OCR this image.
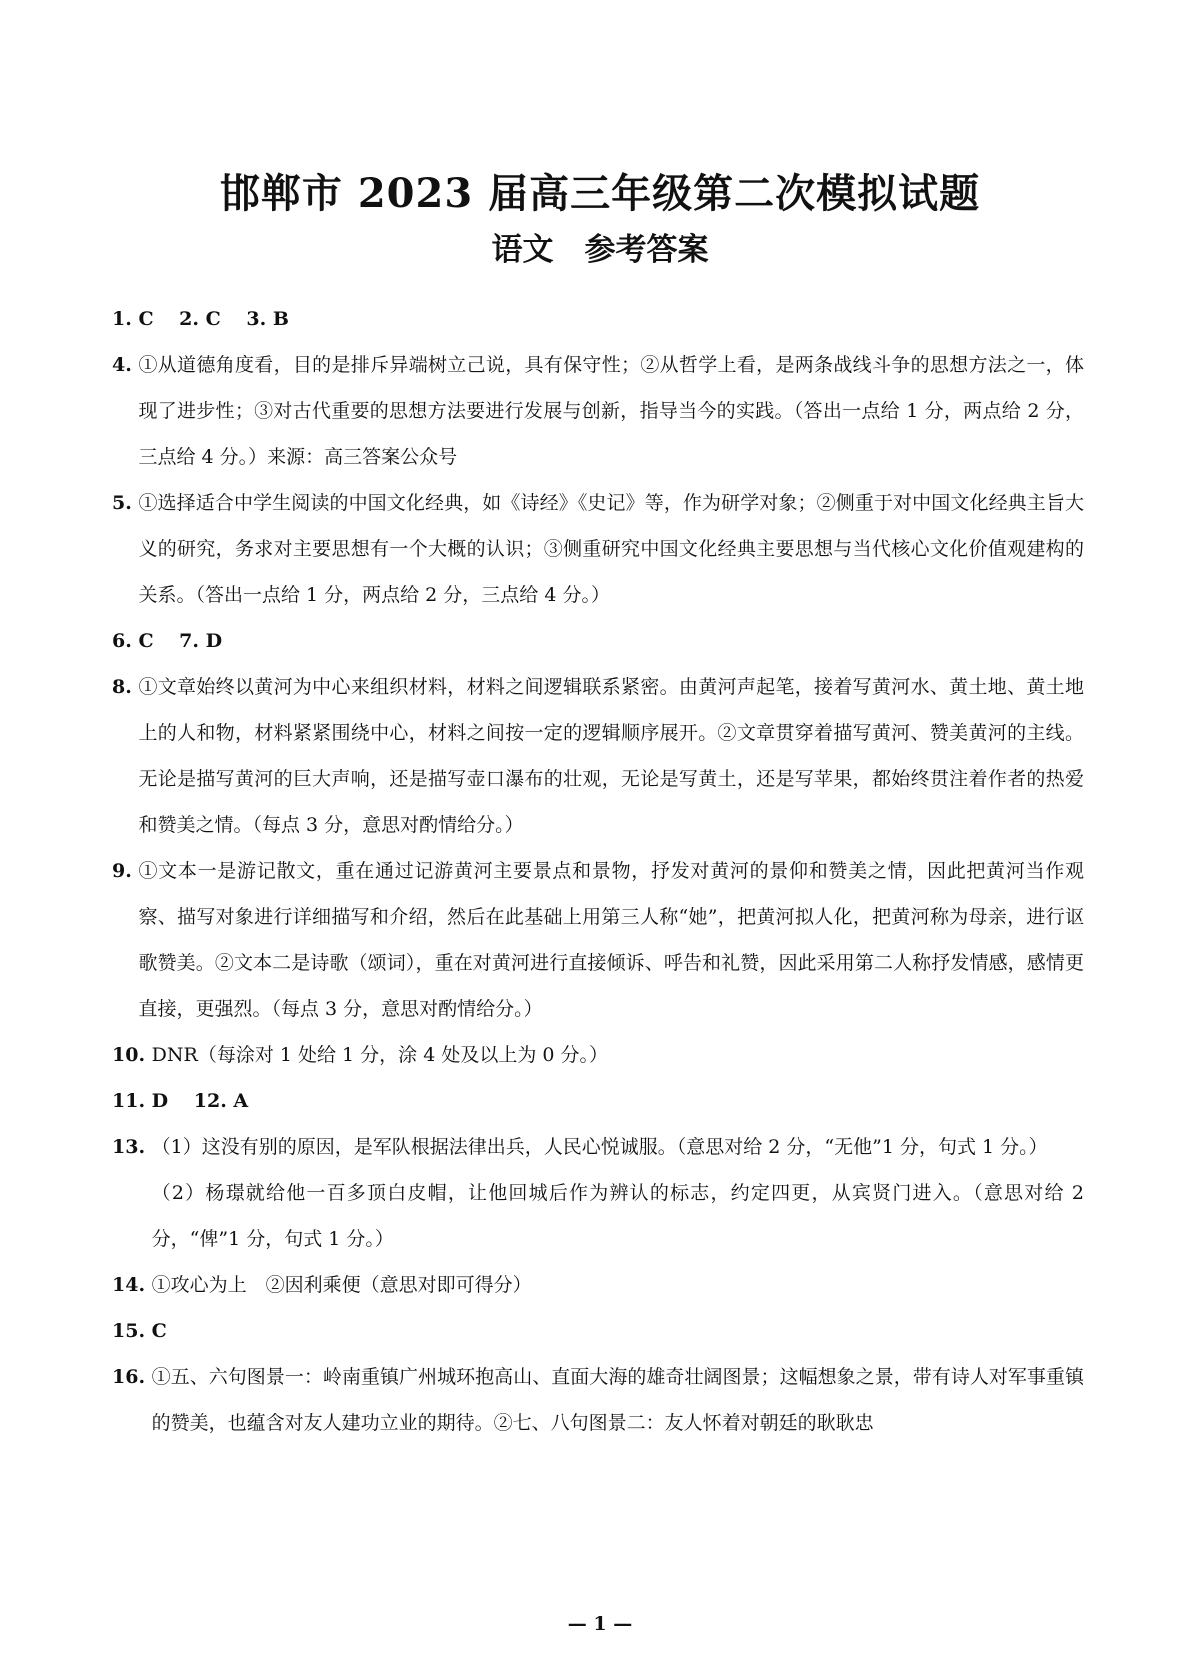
邯郸市 2023 届高三年级第二次模拟试题
语文　参考答案
1. C　 2. C　 3. B
4. ①从道德角度看，目的是排斥异端树立己说，具有保守性；②从哲学上看，是两条战线斗争的思想方法之一，体现了进步性；③对古代重要的思想方法要进行发展与创新，指导当今的实践。（答出一点给 1 分，两点给 2 分，三点给 4 分。）来源：高三答案公众号
5. ①选择适合中学生阅读的中国文化经典，如《诗经》《史记》等，作为研学对象；②侧重于对中国文化经典主旨大义的研究，务求对主要思想有一个大概的认识；③侧重研究中国文化经典主要思想与当代核心文化价值观建构的关系。（答出一点给 1 分，两点给 2 分，三点给 4 分。）
6. C　 7. D
8. ①文章始终以黄河为中心来组织材料，材料之间逻辑联系紧密。由黄河声起笔，接着写黄河水、黄土地、黄土地上的人和物，材料紧紧围绕中心，材料之间按一定的逻辑顺序展开。②文章贯穿着描写黄河、赞美黄河的主线。无论是描写黄河的巨大声响，还是描写壶口瀑布的壮观，无论是写黄土，还是写苹果，都始终贯注着作者的热爱和赞美之情。（每点 3 分，意思对酌情给分。）
9. ①文本一是游记散文，重在通过记游黄河主要景点和景物，抒发对黄河的景仰和赞美之情，因此把黄河当作观察、描写对象进行详细描写和介绍，然后在此基础上用第三人称“她”，把黄河拟人化，把黄河称为母亲，进行讴歌赞美。②文本二是诗歌（颂词），重在对黄河进行直接倾诉、呼告和礼赞，因此采用第二人称抒发情感，感情更直接，更强烈。（每点 3 分，意思对酌情给分。）
10. DNR（每涂对 1 处给 1 分，涂 4 处及以上为 0 分。）
11. D　 12. A
13. （1）这没有别的原因，是军队根据法律出兵，人民心悦诚服。（意思对给 2 分，“无他”1 分，句式 1 分。）

（2）杨璟就给他一百多顶白皮帽，让他回城后作为辨认的标志，约定四更，从宾贤门进入。（意思对给 2 分，“俾”1 分，句式 1 分。）

14. ①攻心为上　②因利乘便（意思对即可得分）
15. C
16. ①五、六句图景一：岭南重镇广州城环抱高山、直面大海的雄奇壮阔图景；这幅想象之景，带有诗人对军事重镇的赞美，也蕴含对友人建功立业的期待。②七、八句图景二：友人怀着对朝廷的耿耿忠
— 1 —
